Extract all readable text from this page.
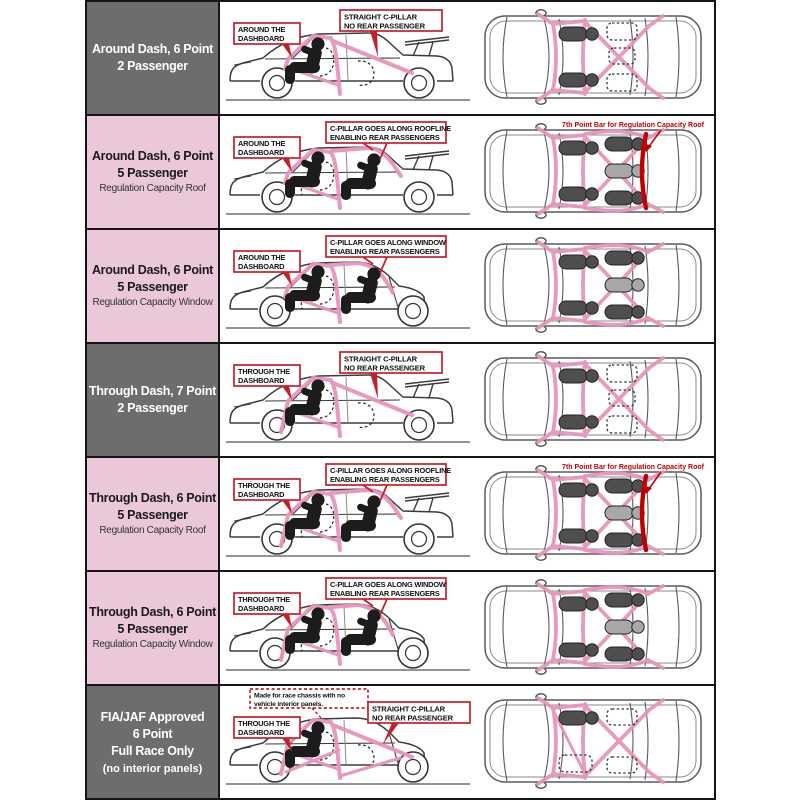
Around Dash, 6 Point
2 Passenger
AROUND THE
DASHBOARD
STRAIGHT C-PILLAR
NO REAR PASSENGER
Around Dash, 6 Point
5 Passenger
Regulation Capacity Roof
AROUND THE
DASHBOARD
C-PILLAR GOES ALONG ROOFLINE
ENABLING REAR PASSENGERS
7th Point Bar for Regulation Capacity Roof
Around Dash, 6 Point
5 Passenger
Regulation Capacity Window
AROUND THE
DASHBOARD
C-PILLAR GOES ALONG WINDOW
ENABLING REAR PASSENGERS
Through Dash, 7 Point
2 Passenger
THROUGH THE
DASHBOARD
STRAIGHT C-PILLAR
NO REAR PASSENGER
Through Dash, 6 Point
5 Passenger
Regulation Capacity Roof
THROUGH THE
DASHBOARD
C-PILLAR GOES ALONG ROOFLINE
ENABLING REAR PASSENGERS
7th Point Bar for Regulation Capacity Roof
Through Dash, 6 Point
5 Passenger
Regulation Capacity Window
THROUGH THE
DASHBOARD
C-PILLAR GOES ALONG WINDOW
ENABLING REAR PASSENGERS
FIA/JAF Approved
6 Point
Full Race Only
(no interior panels)
THROUGH THE
DASHBOARD
Made for race chassis with no
vehicle interior panels.	STRAIGHT C-PILLAR
NO REAR PASSENGER
